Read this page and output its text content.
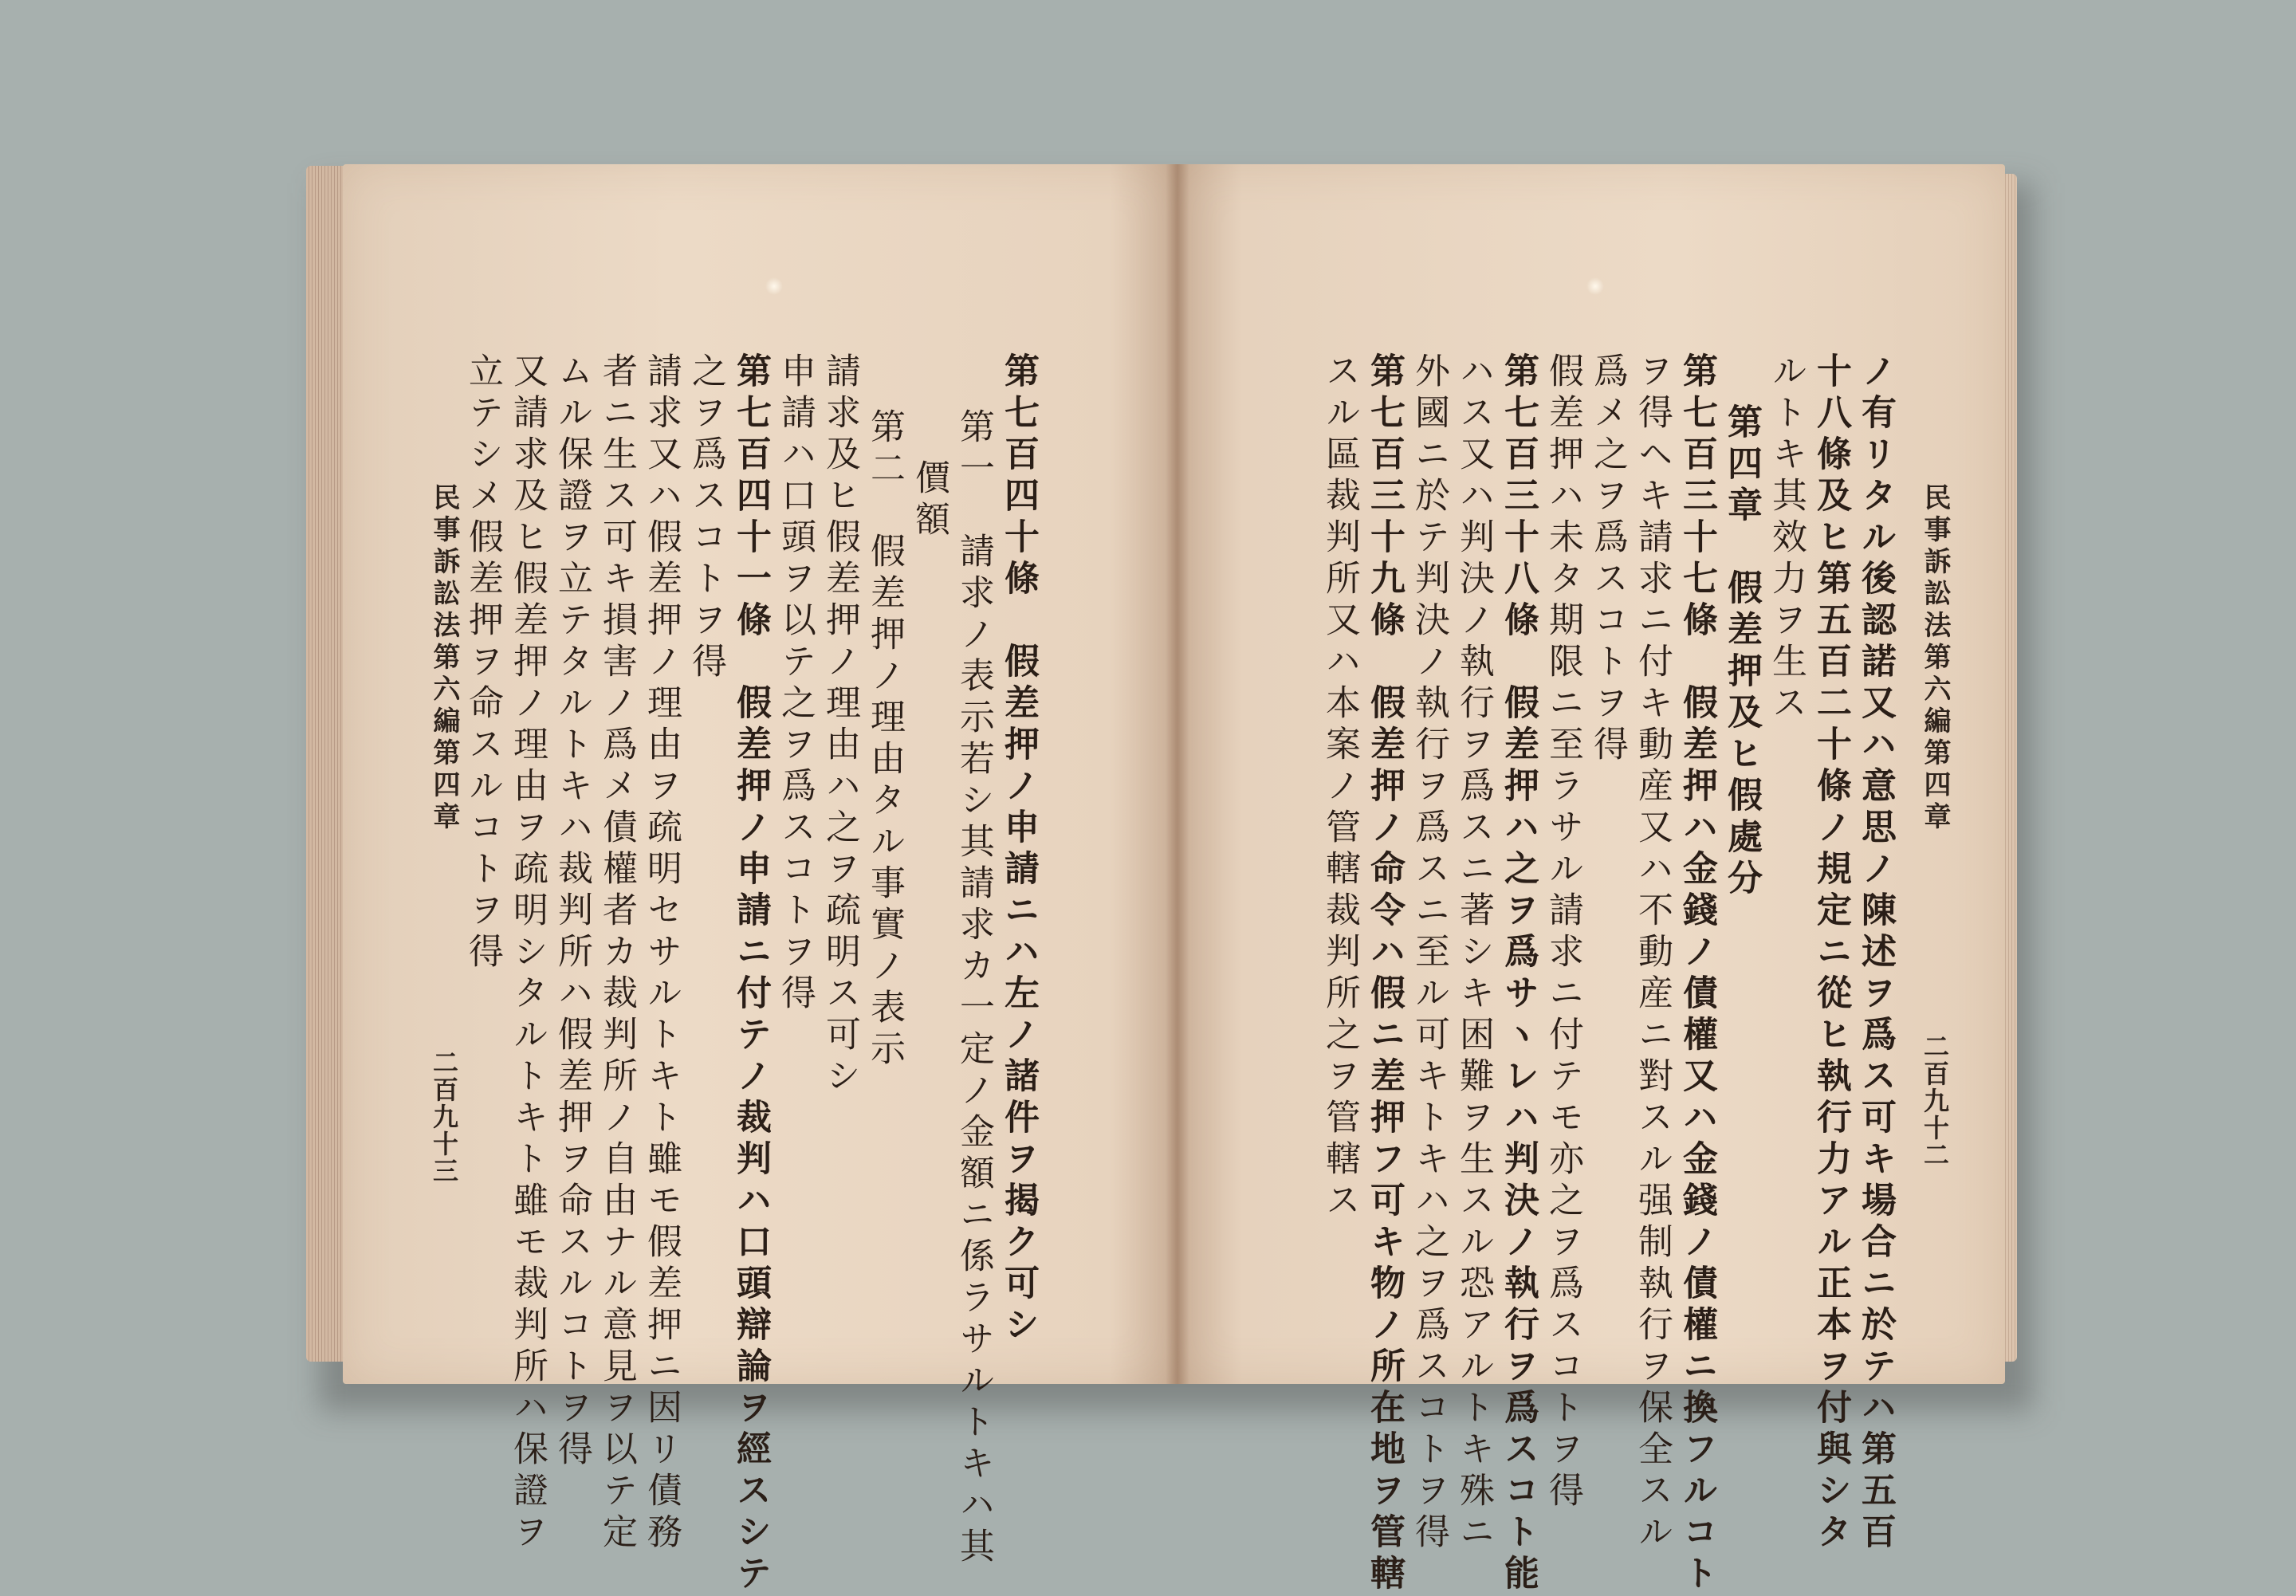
二百九十三
民事訴訟法第六編第四章	第七百四十條　假差押ノ申請ニハ左ノ諸件ヲ揭ク可シ
第一　請求ノ表示若シ其請求カ一定ノ金額ニ係ラサルトキハ其
價額
第二　假差押ノ理由タル事實ノ表示
請求及ヒ假差押ノ理由ハ之ヲ疏明ス可シ
申請ハ口頭ヲ以テ之ヲ爲スコトヲ得
第七百四十一條　假差押ノ申請ニ付テノ裁判ハ口頭辯論ヲ經スシテ
之ヲ爲スコトヲ得
請求又ハ假差押ノ理由ヲ疏明セサルトキト雖モ假差押ニ因リ債務
者ニ生ス可キ損害ノ爲メ債權者カ裁判所ノ自由ナル意見ヲ以テ定
ムル保證ヲ立テタルトキハ裁判所ハ假差押ヲ命スルコトヲ得
又請求及ヒ假差押ノ理由ヲ疏明シタルトキト雖モ裁判所ハ保證ヲ
立テシメ假差押ヲ命スルコトヲ得	民事訴訟法第六編第四章
二百九十二
ノ有リタル後認諾又ハ意思ノ陳述ヲ爲ス可キ場合ニ於テハ第五百
十八條及ヒ第五百二十條ノ規定ニ從ヒ執行力アル正本ヲ付與シタ
ルトキ其效力ヲ生ス
第四章　假差押及ヒ假處分
第七百三十七條　假差押ハ金錢ノ債權又ハ金錢ノ債權ニ換フルコト
ヲ得ヘキ請求ニ付キ動産又ハ不動産ニ對スル强制執行ヲ保全スル
爲メ之ヲ爲スコトヲ得
假差押ハ未タ期限ニ至ラサル請求ニ付テモ亦之ヲ爲スコトヲ得
第七百三十八條　假差押ハ之ヲ爲サヽレハ判決ノ執行ヲ爲スコト能
ハス又ハ判決ノ執行ヲ爲スニ著シキ困難ヲ生スル恐アルトキ殊ニ
外國ニ於テ判決ノ執行ヲ爲スニ至ル可キトキハ之ヲ爲スコトヲ得
第七百三十九條　假差押ノ命令ハ假ニ差押フ可キ物ノ所在地ヲ管轄
スル區裁判所又ハ本案ノ管轄裁判所之ヲ管轄ス
